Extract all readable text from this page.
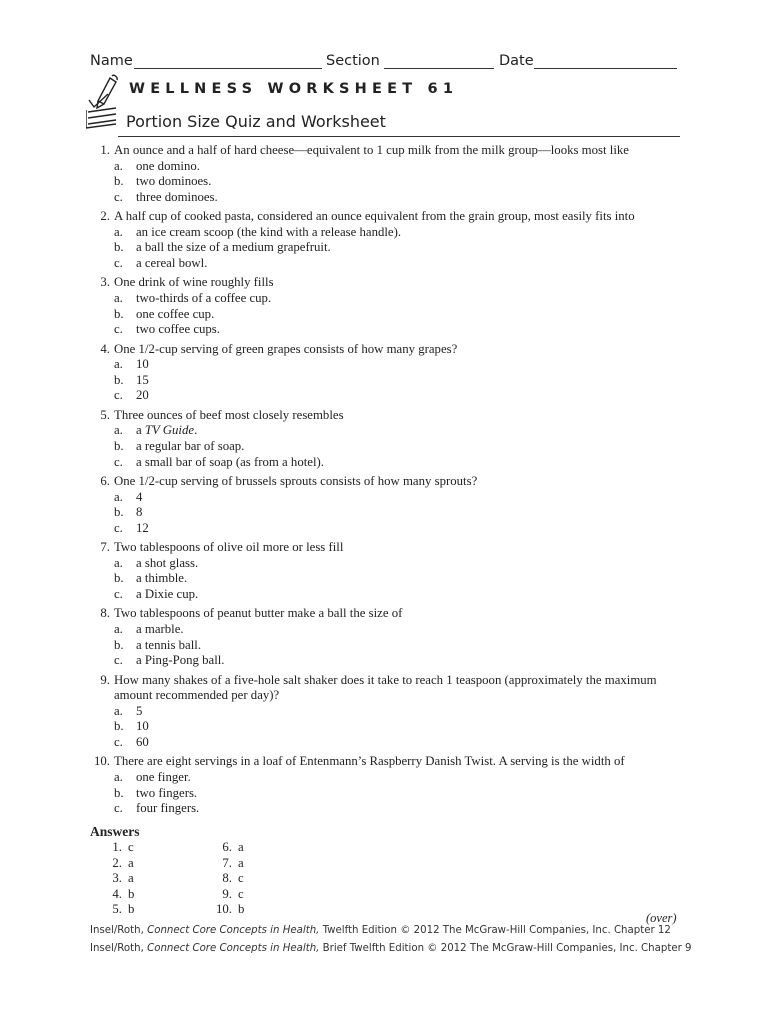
Name	Section	Date
WELLNESS WORKSHEET 61
Portion Size Quiz and Worksheet
1. An ounce and a half of hard cheese—equivalent to 1 cup milk from the milk group—looks most like
a. one domino.
b. two dominoes.
c. three dominoes.
2. A half cup of cooked pasta, considered an ounce equivalent from the grain group, most easily fits into
a. an ice cream scoop (the kind with a release handle).
b. a ball the size of a medium grapefruit.
c. a cereal bowl.
3. One drink of wine roughly fills
a. two-thirds of a coffee cup.
b. one coffee cup.
c. two coffee cups.
4. One 1/2-cup serving of green grapes consists of how many grapes?
a. 10
b. 15
c. 20
5. Three ounces of beef most closely resembles
a. a TV Guide.
b. a regular bar of soap.
c. a small bar of soap (as from a hotel).
6. One 1/2-cup serving of brussels sprouts consists of how many sprouts?
a. 4
b. 8
c. 12
7. Two tablespoons of olive oil more or less fill
a. a shot glass.
b. a thimble.
c. a Dixie cup.
8. Two tablespoons of peanut butter make a ball the size of
a. a marble.
b. a tennis ball.
c. a Ping-Pong ball.
9. How many shakes of a five-hole salt shaker does it take to reach 1 teaspoon (approximately the maximum
amount recommended per day)?
a. 5
b. 10
c. 60
10. There are eight servings in a loaf of Entenmann’s Raspberry Danish Twist. A serving is the width of
a. one finger.
b. two fingers.
c. four fingers.
Answers
1. c
2. a
3. a
4. b
5. b
6. a
7. a
8. c
9. c
10. b
(over)
Insel/Roth, Connect Core Concepts in Health, Twelfth Edition © 2012 The McGraw-Hill Companies, Inc. Chapter 12
Insel/Roth, Connect Core Concepts in Health, Brief Twelfth Edition © 2012 The McGraw-Hill Companies, Inc. Chapter 9
